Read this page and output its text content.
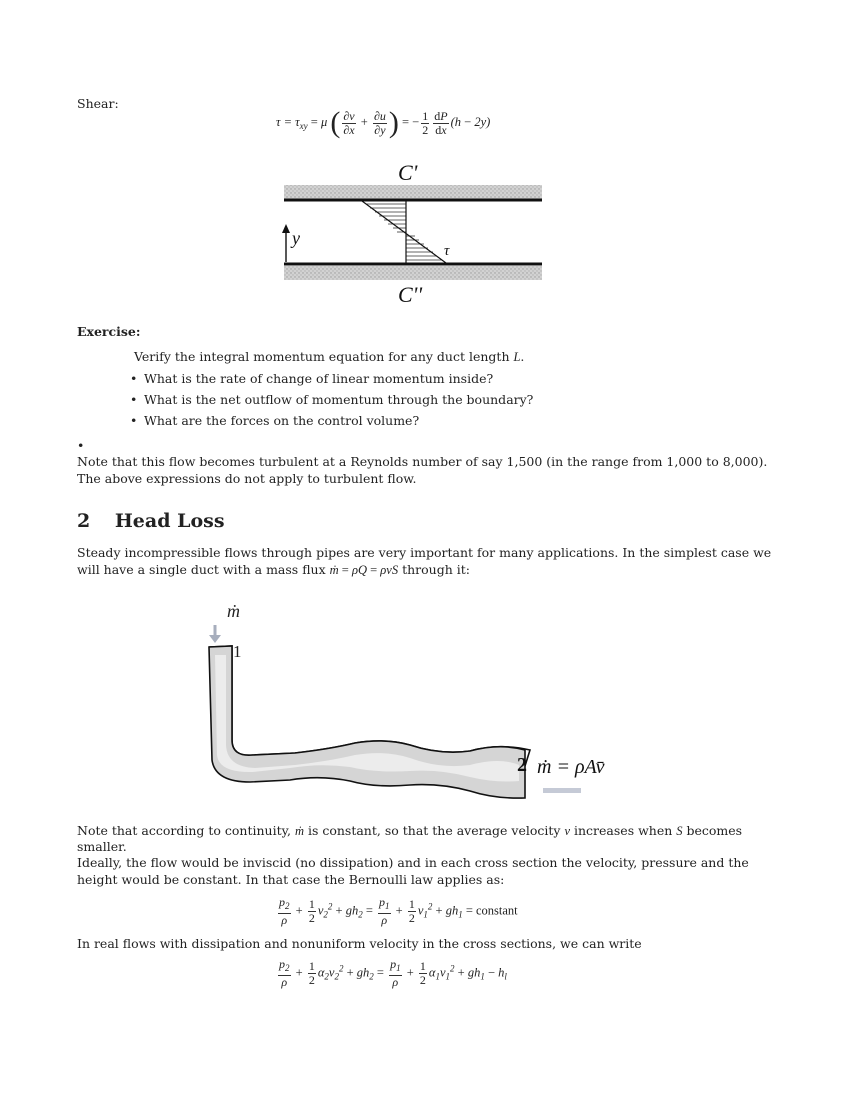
Shear:
$\tau = \tau_{xy} = \mu$ ( $\frac{\partial v}{\partial x} + \frac{\partial u}{\partial y}$ ) = − $\frac{1}{2} \frac{dP}{dx} (h - 2y)$
C'
C''
y
τ
Exercise:
Verify the integral momentum equation for any duct length L.
• What is the rate of change of linear momentum inside?
• What is the net outflow of momentum through the boundary?
• What are the forces on the control volume?
•
Note that this flow becomes turbulent at a Reynolds number of say 1,500 (in the range from 1,000 to 8,000).
The above expressions do not apply to turbulent flow.
2 Head Loss
Steady incompressible flows through pipes are very important for many applications. In the simplest case we
will have a single duct with a mass flux ṁ = ρQ = ρvS through it:
ṁ
1
2 ṁ = ρAv̄
Note that according to continuity, ṁ is constant, so that the average velocity v increases when S becomes
smaller.
Ideally, the flow would be inviscid (no dissipation) and in each cross section the velocity, pressure and the
height would be constant. In that case the Bernoulli law applies as:
$\frac{p_2}{\rho} + \frac{1}{2} v_2^2 + gh_2 = \frac{p_1}{\rho} + \frac{1}{2} v_1^2 + gh_1$ = constant
In real flows with dissipation and nonuniform velocity in the cross sections, we can write
$\frac{p_2}{\rho} + \frac{1}{2} \alpha_2v_2^2 + gh_2 = \frac{p_1}{\rho} + \frac{1}{2} \alpha_1v_1^2 + gh_1 - h_l$
